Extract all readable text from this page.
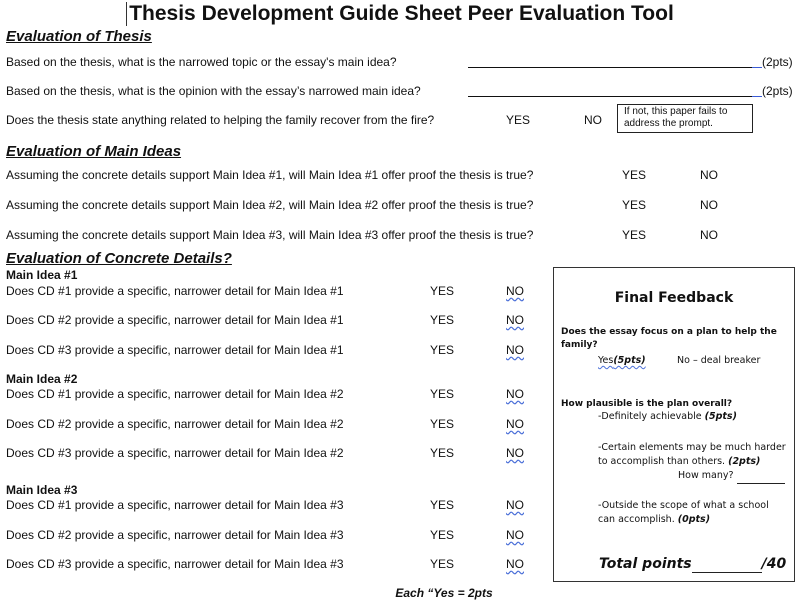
Thesis Development Guide Sheet Peer Evaluation Tool
Evaluation of Thesis
Based on the thesis, what is the narrowed topic or the essay's main idea?	(2pts)
Based on the thesis, what is the opinion with the essay’s narrowed main idea?	(2pts)
Does the thesis state anything related to helping the family recover from the fire?	YES	NO
If not, this paper fails to address the prompt.
Evaluation of Main Ideas
Assuming the concrete details support Main Idea #1, will Main Idea #1 offer proof the thesis is true?	YES	NO
Assuming the concrete details support Main Idea #2, will Main Idea #2 offer proof the thesis is true?	YES	NO
Assuming the concrete details support Main Idea #3, will Main Idea #3 offer proof the thesis is true?	YES	NO
Evaluation of Concrete Details?
Main Idea #1
Does CD #1 provide a specific, narrower detail for Main Idea #1	YES	NO
Does CD #2 provide a specific, narrower detail for Main Idea #1	YES	NO
Does CD #3 provide a specific, narrower detail for Main Idea #1	YES	NO
Main Idea #2
Does CD #1 provide a specific, narrower detail for Main Idea #2	YES	NO
Does CD #2 provide a specific, narrower detail for Main Idea #2	YES	NO
Does CD #3 provide a specific, narrower detail for Main Idea #2	YES	NO
Main Idea #3
Does CD #1 provide a specific, narrower detail for Main Idea #3	YES	NO
Does CD #2 provide a specific, narrower detail for Main Idea #3	YES	NO
Does CD #3 provide a specific, narrower detail for Main Idea #3	YES	NO
Each “Yes = 2pts
Final Feedback
Does the essay focus on a plan to help the
family?
Yes(5pts)	No – deal breaker
How plausible is the plan overall?
-Definitely achievable (5pts)
-Certain elements may be much harder
to accomplish than others. (2pts)
How many?
-Outside the scope of what a school
can accomplish. (0pts)
Total points	/40
